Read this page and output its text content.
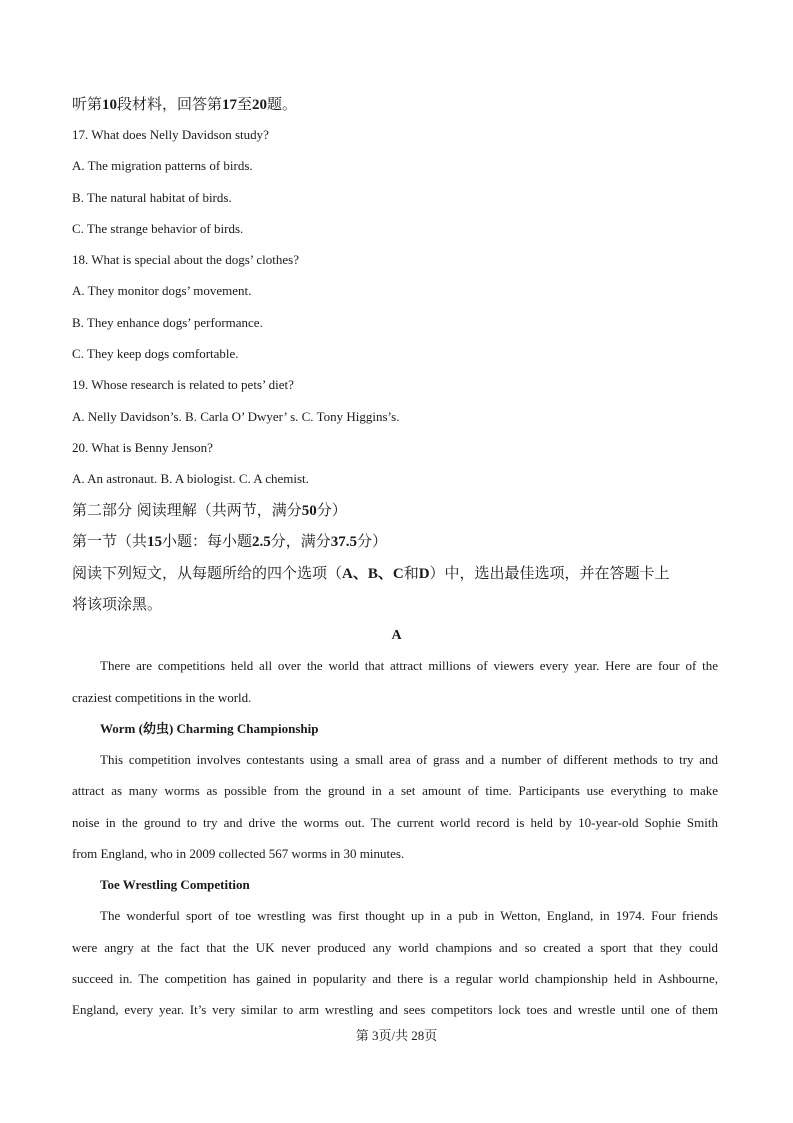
听第10段材料，回答第17至20题。
17. What does Nelly Davidson study?
A. The migration patterns of birds.
B. The natural habitat of birds.
C. The strange behavior of birds.
18. What is special about the dogs’ clothes?
A. They monitor dogs’ movement.
B. They enhance dogs’ performance.
C. They keep dogs comfortable.
19. Whose research is related to pets’ diet?
A. Nelly Davidson’s. B. Carla O’ Dwyer’ s. C. Tony Higgins’s.
20. What is Benny Jenson?
A. An astronaut. B. A biologist. C. A chemist.
第二部分 阅读理解（共两节，满分50分）
第一节（共15小题：每小题2.5分，满分37.5分）
阅读下列短文，从每题所给的四个选项（A、B、C和D）中，选出最佳选项，并在答题卡上
将该项涂黑。
A
There are competitions held all over the world that attract millions of viewers every year. Here are four of the
craziest competitions in the world.
Worm (幼虫) Charming Championship
This competition involves contestants using a small area of grass and a number of different methods to try and
attract as many worms as possible from the ground in a set amount of time. Participants use everything to make
noise in the ground to try and drive the worms out. The current world record is held by 10-year-old Sophie Smith
from England, who in 2009 collected 567 worms in 30 minutes.
Toe Wrestling Competition
The wonderful sport of toe wrestling was first thought up in a pub in Wetton, England, in 1974. Four friends
were angry at the fact that the UK never produced any world champions and so created a sport that they could
succeed in. The competition has gained in popularity and there is a regular world championship held in Ashbourne,
England, every year. It’s very similar to arm wrestling and sees competitors lock toes and wrestle until one of them
第 3页/共 28页
